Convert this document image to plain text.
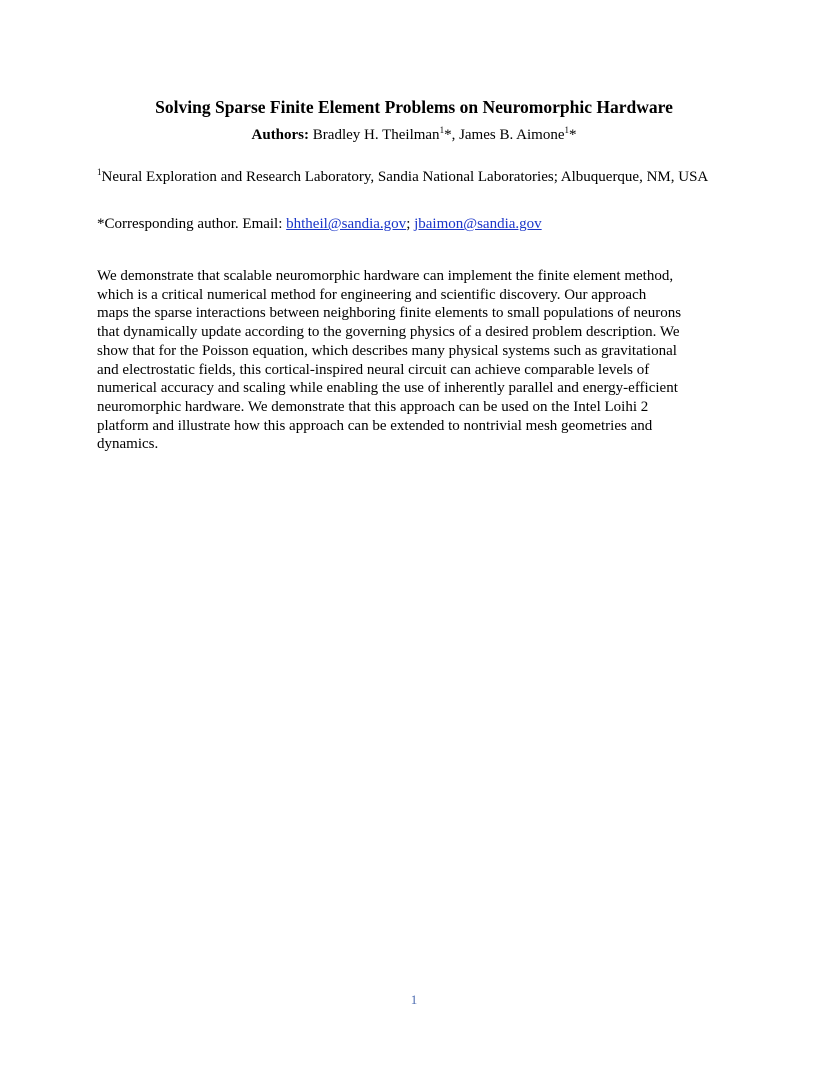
Solving Sparse Finite Element Problems on Neuromorphic Hardware

Authors: Bradley H. Theilman$^1$*, James B. Aimone$^1$*

$^1$Neural Exploration and Research Laboratory, Sandia National Laboratories; Albuquerque, NM, USA

*Corresponding author. Email: bhtheil@sandia.gov; jbaimon@sandia.gov

We demonstrate that scalable neuromorphic hardware can implement the finite element method,
which is a critical numerical method for engineering and scientific discovery. Our approach
maps the sparse interactions between neighboring finite elements to small populations of neurons
that dynamically update according to the governing physics of a desired problem description. We
show that for the Poisson equation, which describes many physical systems such as gravitational
and electrostatic fields, this cortical-inspired neural circuit can achieve comparable levels of
numerical accuracy and scaling while enabling the use of inherently parallel and energy-efficient
neuromorphic hardware. We demonstrate that this approach can be used on the Intel Loihi 2
platform and illustrate how this approach can be extended to nontrivial mesh geometries and
dynamics.

1
